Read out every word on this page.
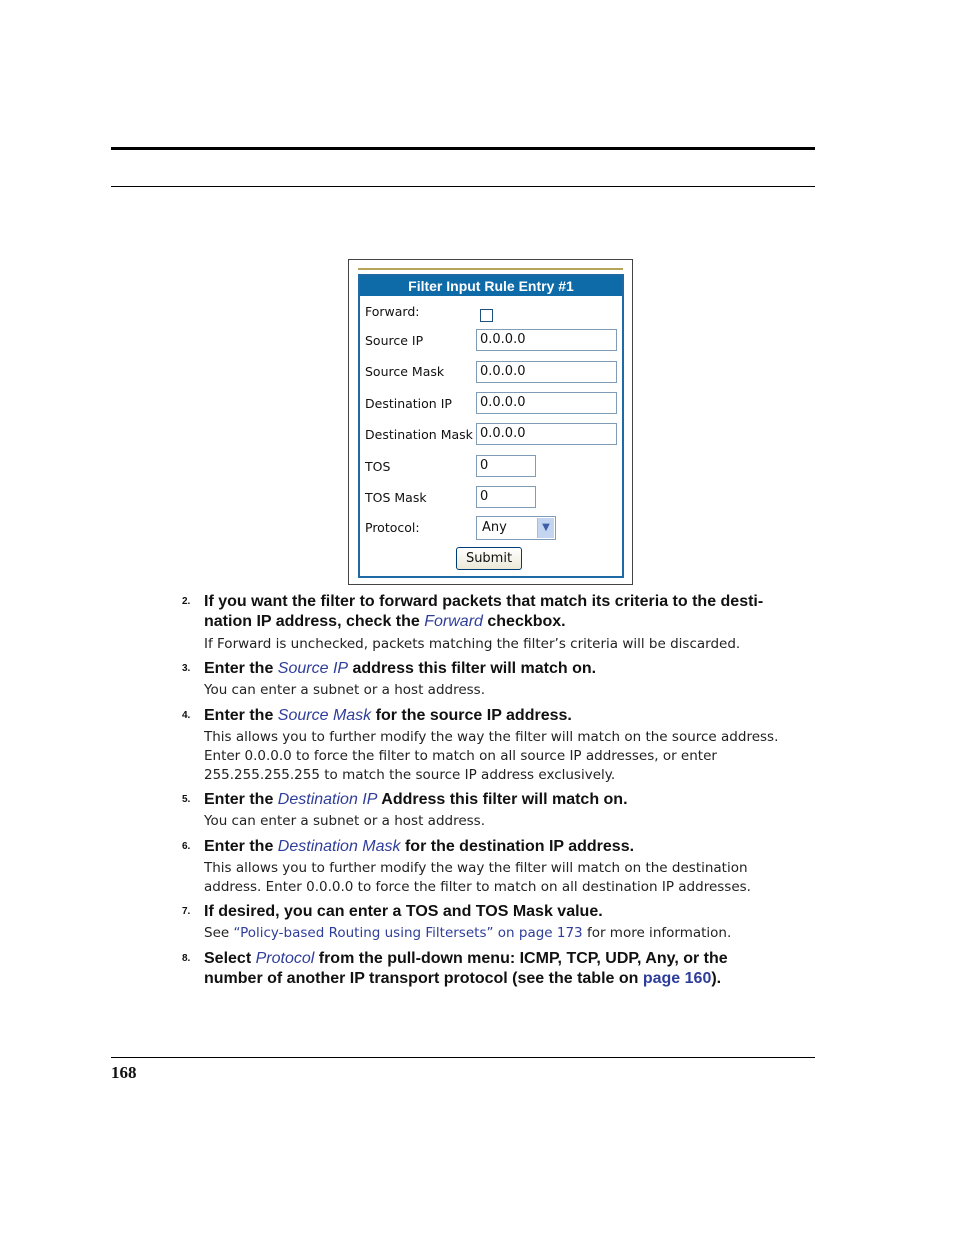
Filter Input Rule Entry #1
Forward:
Source IP	0.0.0.0
Source Mask	0.0.0.0
Destination IP	0.0.0.0
Destination Mask 0.0.0.0
TOS	0
TOS Mask	0
Protocol:	Any	▼
Submit
2. If you want the filter to forward packets that match its criteria to the desti-
nation IP address, check the Forward checkbox.
If Forward is unchecked, packets matching the filter’s criteria will be discarded.
3. Enter the Source IP address this filter will match on.
You can enter a subnet or a host address.
4. Enter the Source Mask for the source IP address.
This allows you to further modify the way the filter will match on the source address.
Enter 0.0.0.0 to force the filter to match on all source IP addresses, or enter
255.255.255.255 to match the source IP address exclusively.
5. Enter the Destination IP Address this filter will match on.
You can enter a subnet or a host address.
6. Enter the Destination Mask for the destination IP address.
This allows you to further modify the way the filter will match on the destination
address. Enter 0.0.0.0 to force the filter to match on all destination IP addresses.
7. If desired, you can enter a TOS and TOS Mask value.
See “Policy-based Routing using Filtersets” on page 173 for more information.
8. Select Protocol from the pull-down menu: ICMP, TCP, UDP, Any, or the
number of another IP transport protocol (see the table on page 160).
168
